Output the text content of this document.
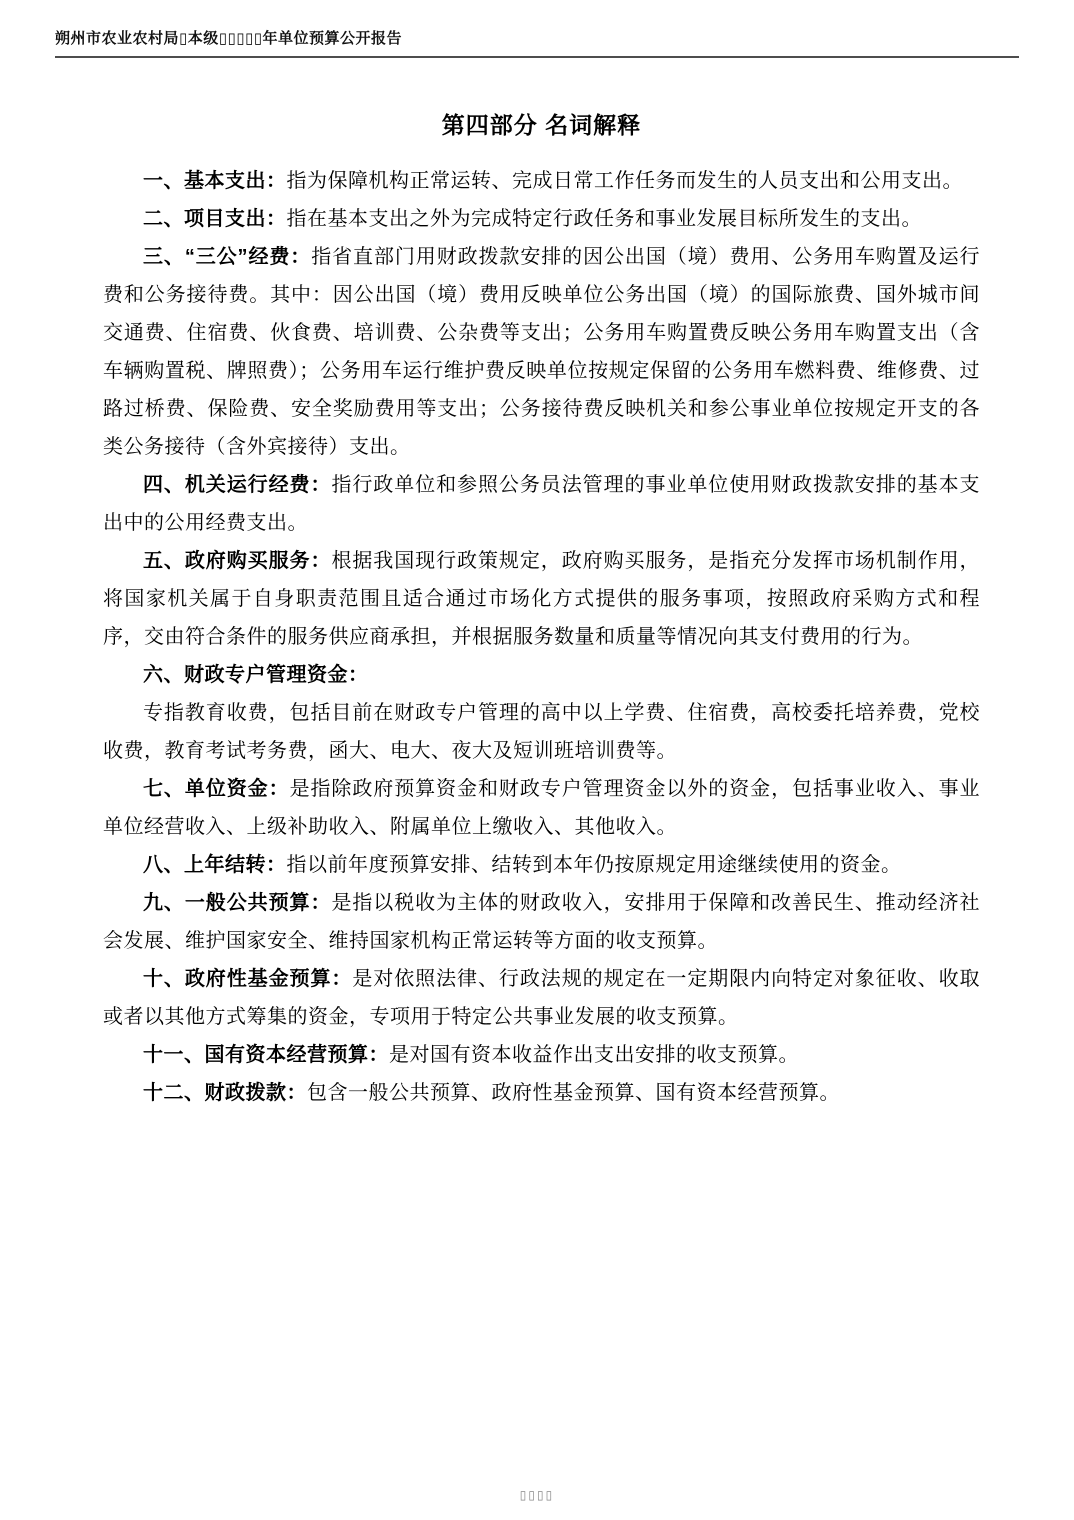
朔州市农业农村局▯本级▯▯▯▯▯年单位预算公开报告
第四部分 名词解释

一、基本支出：指为保障机构正常运转、完成日常工作任务而发生的人员支出和公用支出。

二、项目支出：指在基本支出之外为完成特定行政任务和事业发展目标所发生的支出。

三、“三公”经费：指省直部门用财政拨款安排的因公出国（境）费用、公务用车购置及运行费和公务接待费。其中：因公出国（境）费用反映单位公务出国（境）的国际旅费、国外城市间交通费、住宿费、伙食费、培训费、公杂费等支出；公务用车购置费反映公务用车购置支出（含车辆购置税、牌照费）；公务用车运行维护费反映单位按规定保留的公务用车燃料费、维修费、过路过桥费、保险费、安全奖励费用等支出；公务接待费反映机关和参公事业单位按规定开支的各类公务接待（含外宾接待）支出。

四、机关运行经费：指行政单位和参照公务员法管理的事业单位使用财政拨款安排的基本支出中的公用经费支出。

五、政府购买服务：根据我国现行政策规定，政府购买服务，是指充分发挥市场机制作用，将国家机关属于自身职责范围且适合通过市场化方式提供的服务事项，按照政府采购方式和程序，交由符合条件的服务供应商承担，并根据服务数量和质量等情况向其支付费用的行为。

六、财政专户管理资金：

专指教育收费，包括目前在财政专户管理的高中以上学费、住宿费，高校委托培养费，党校收费，教育考试考务费，函大、电大、夜大及短训班培训费等。

七、单位资金：是指除政府预算资金和财政专户管理资金以外的资金，包括事业收入、事业单位经营收入、上级补助收入、附属单位上缴收入、其他收入。

八、上年结转：指以前年度预算安排、结转到本年仍按原规定用途继续使用的资金。

九、一般公共预算：是指以税收为主体的财政收入，安排用于保障和改善民生、推动经济社会发展、维护国家安全、维持国家机构正常运转等方面的收支预算。

十、政府性基金预算：是对依照法律、行政法规的规定在一定期限内向特定对象征收、收取或者以其他方式筹集的资金，专项用于特定公共事业发展的收支预算。

十一、国有资本经营预算：是对国有资本收益作出支出安排的收支预算。

十二、财政拨款：包含一般公共预算、政府性基金预算、国有资本经营预算。

▯▯▯▯
